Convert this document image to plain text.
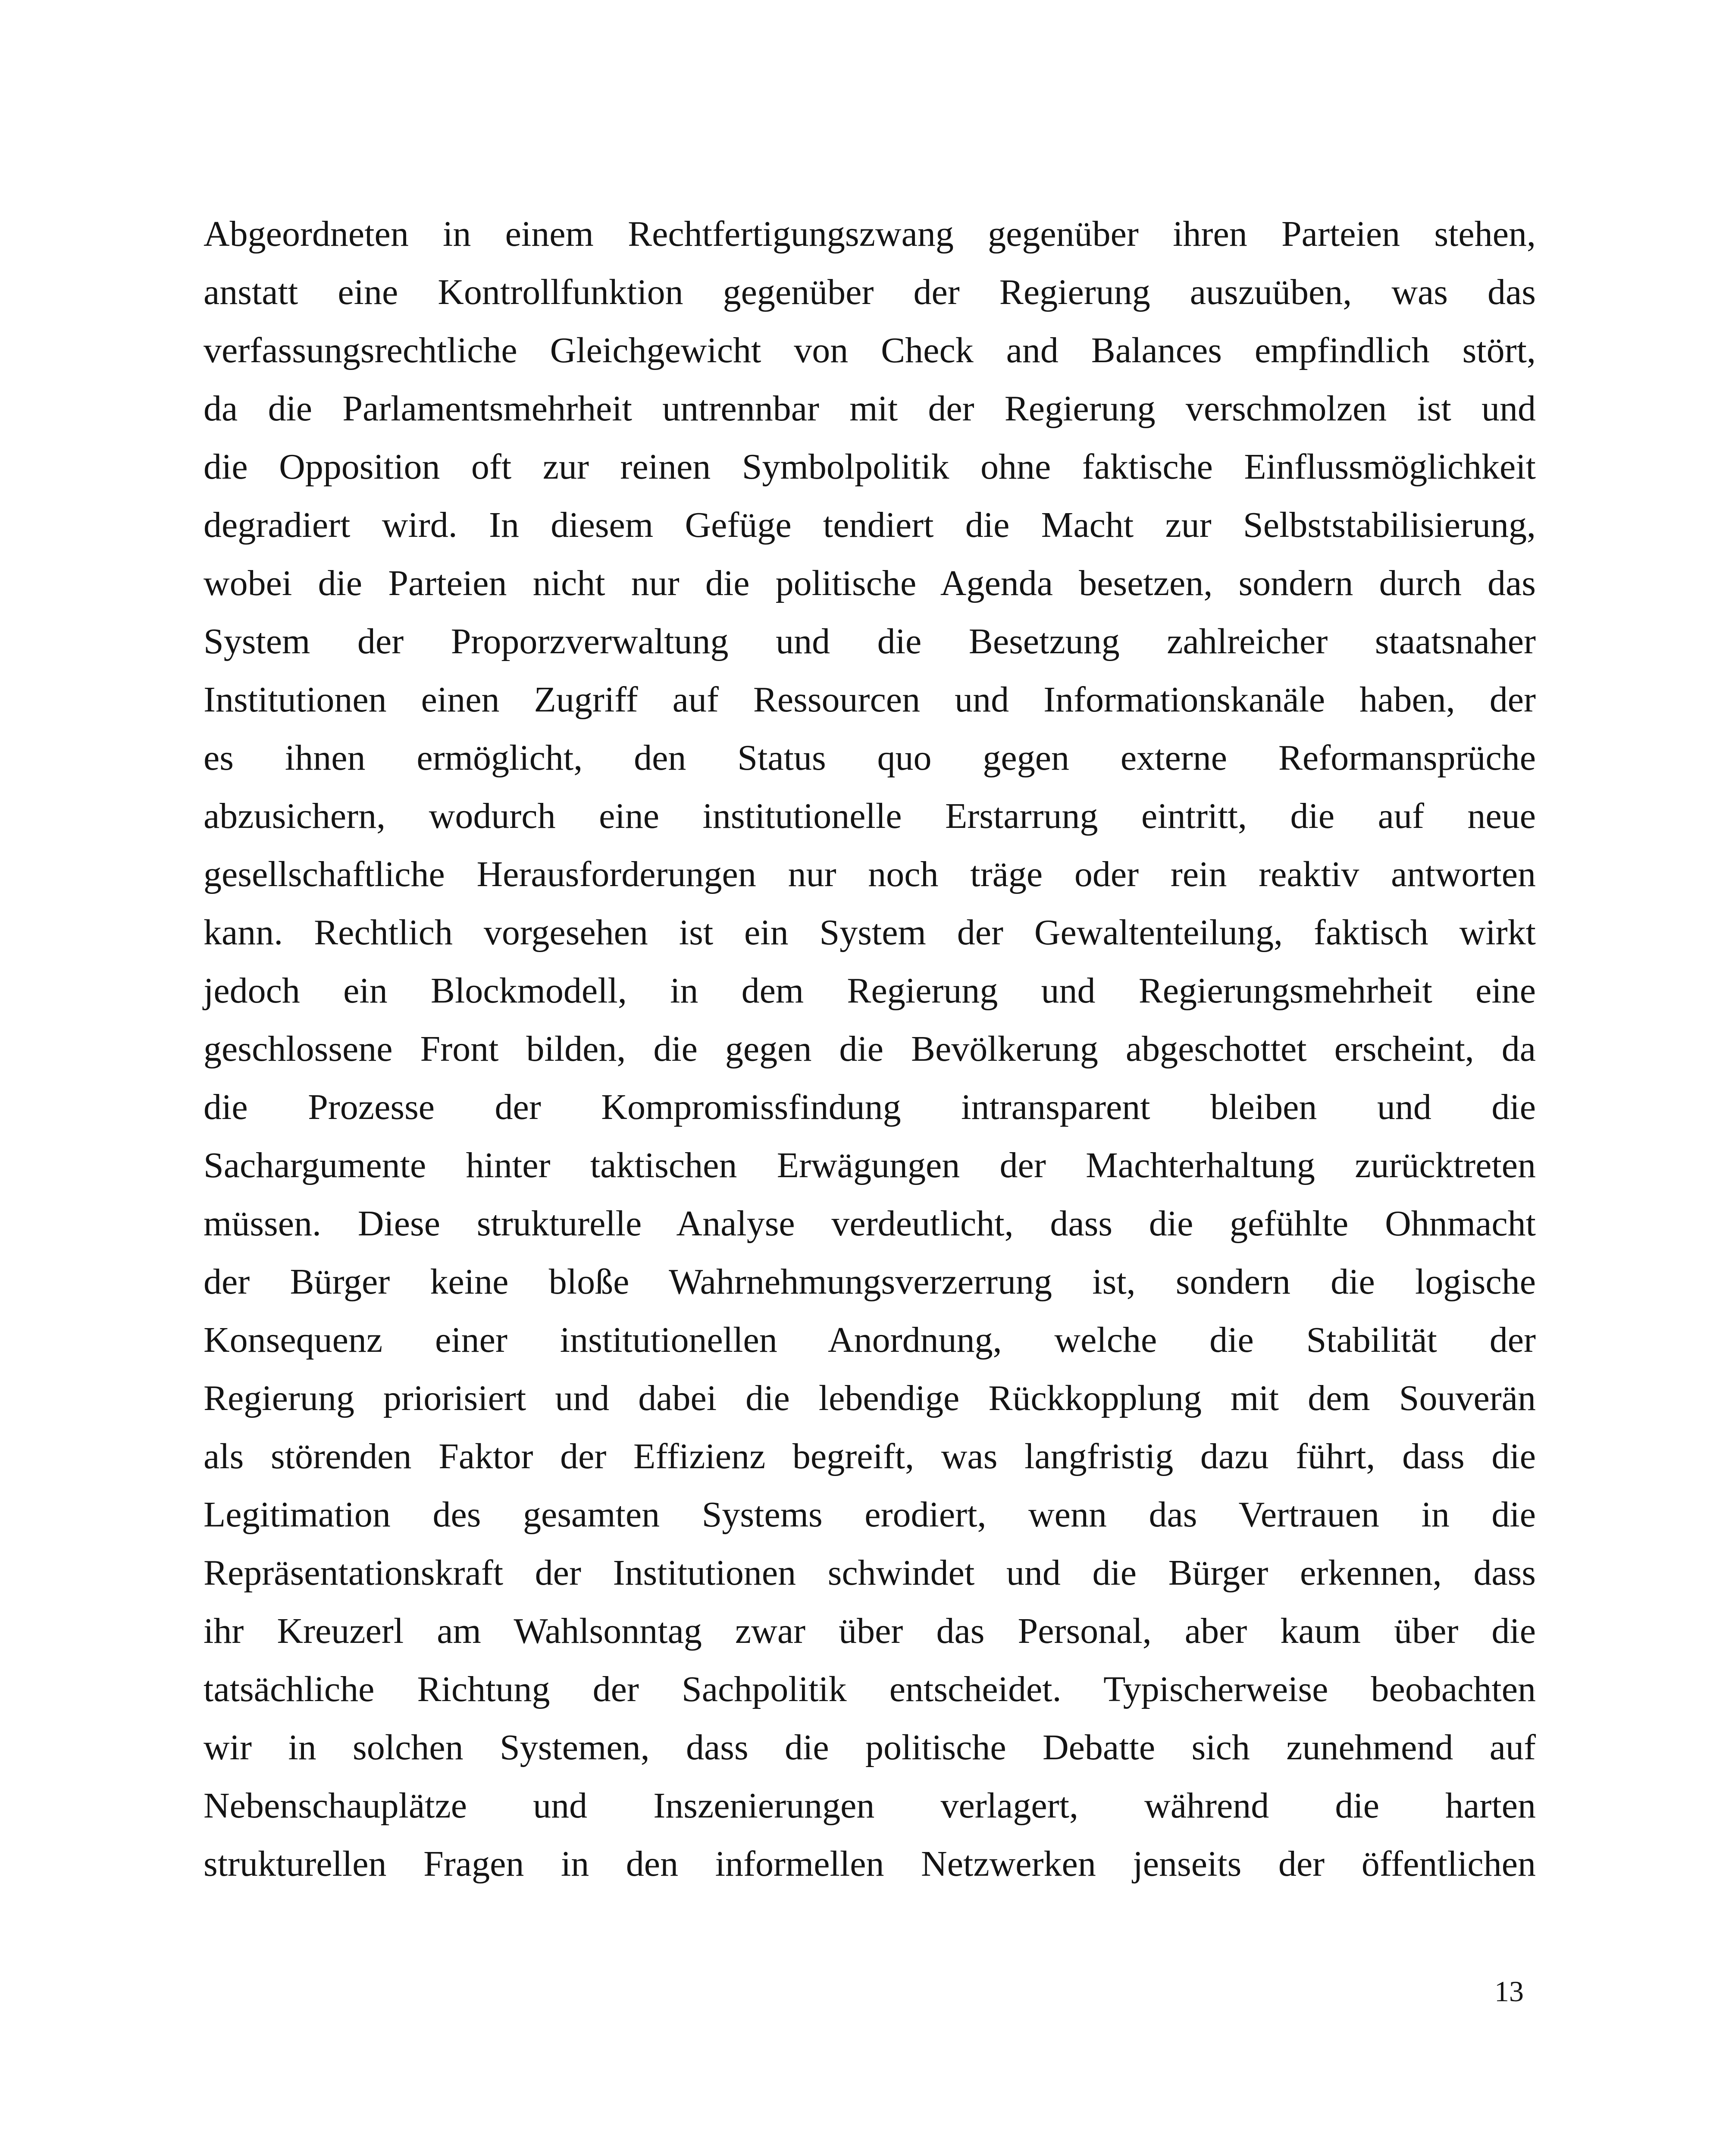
Abgeordneten in einem Rechtfertigungszwang gegenüber ihren Parteien stehen,
anstatt eine Kontrollfunktion gegenüber der Regierung auszuüben, was das
verfassungsrechtliche Gleichgewicht von Check and Balances empfindlich stört,
da die Parlamentsmehrheit untrennbar mit der Regierung verschmolzen ist und
die Opposition oft zur reinen Symbolpolitik ohne faktische Einflussmöglichkeit
degradiert wird. In diesem Gefüge tendiert die Macht zur Selbststabilisierung,
wobei die Parteien nicht nur die politische Agenda besetzen, sondern durch das
System der Proporzverwaltung und die Besetzung zahlreicher staatsnaher
Institutionen einen Zugriff auf Ressourcen und Informationskanäle haben, der
es ihnen ermöglicht, den Status quo gegen externe Reformansprüche
abzusichern, wodurch eine institutionelle Erstarrung eintritt, die auf neue
gesellschaftliche Herausforderungen nur noch träge oder rein reaktiv antworten
kann. Rechtlich vorgesehen ist ein System der Gewaltenteilung, faktisch wirkt
jedoch ein Blockmodell, in dem Regierung und Regierungsmehrheit eine
geschlossene Front bilden, die gegen die Bevölkerung abgeschottet erscheint, da
die Prozesse der Kompromissfindung intransparent bleiben und die
Sachargumente hinter taktischen Erwägungen der Machterhaltung zurücktreten
müssen. Diese strukturelle Analyse verdeutlicht, dass die gefühlte Ohnmacht
der Bürger keine bloße Wahrnehmungsverzerrung ist, sondern die logische
Konsequenz einer institutionellen Anordnung, welche die Stabilität der
Regierung priorisiert und dabei die lebendige Rückkopplung mit dem Souverän
als störenden Faktor der Effizienz begreift, was langfristig dazu führt, dass die
Legitimation des gesamten Systems erodiert, wenn das Vertrauen in die
Repräsentationskraft der Institutionen schwindet und die Bürger erkennen, dass
ihr Kreuzerl am Wahlsonntag zwar über das Personal, aber kaum über die
tatsächliche Richtung der Sachpolitik entscheidet. Typischerweise beobachten
wir in solchen Systemen, dass die politische Debatte sich zunehmend auf
Nebenschauplätze und Inszenierungen verlagert, während die harten
strukturellen Fragen in den informellen Netzwerken jenseits der öffentlichen
13
